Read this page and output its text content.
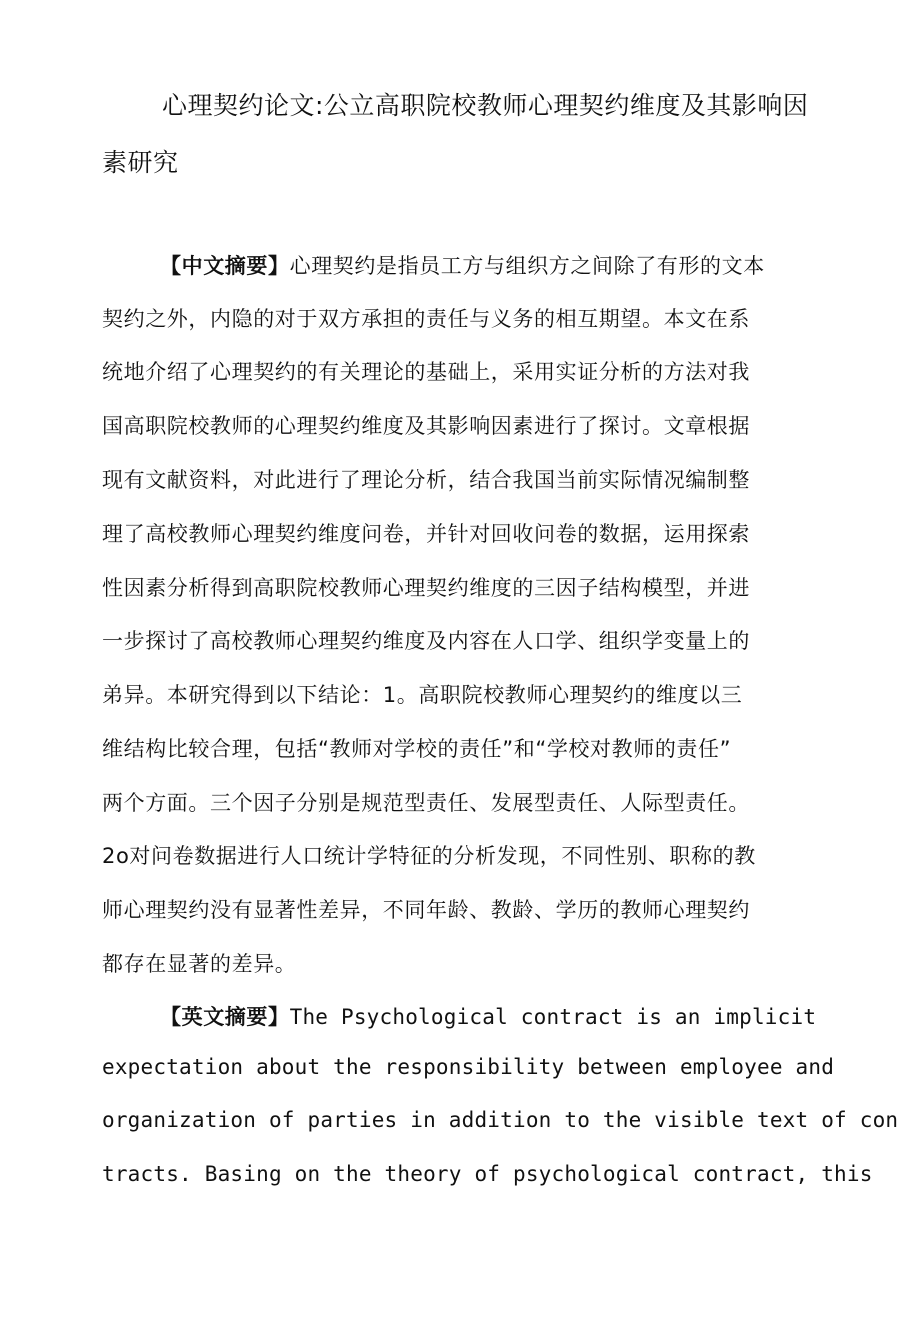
心理契约论文:公立高职院校教师心理契约维度及其影响因
素研究
【中文摘要】心理契约是指员工方与组织方之间除了有形的文本
契约之外，内隐的对于双方承担的责任与义务的相互期望。本文在系
统地介绍了心理契约的有关理论的基础上，采用实证分析的方法对我
国高职院校教师的心理契约维度及其影响因素进行了探讨。文章根据
现有文献资料，对此进行了理论分析，结合我国当前实际情况编制整
理了高校教师心理契约维度问卷，并针对回收问卷的数据，运用探索
性因素分析得到高职院校教师心理契约维度的三因子结构模型，并进
一步探讨了高校教师心理契约维度及内容在人口学、组织学变量上的
弟异。本研究得到以下结论：1。高职院校教师心理契约的维度以三
维结构比较合理，包括“教师对学校的责任”和“学校对教师的责任”
两个方面。三个因子分别是规范型责任、发展型责任、人际型责任。
2o对问卷数据进行人口统计学特征的分析发现，不同性别、职称的教
师心理契约没有显著性差异，不同年龄、教龄、学历的教师心理契约
都存在显著的差异。
【英文摘要】The Psychological contract is an implicit
expectation about the responsibility between employee and
organization of parties in addition to the visible text of con
tracts. Basing on the theory of psychological contract, this
